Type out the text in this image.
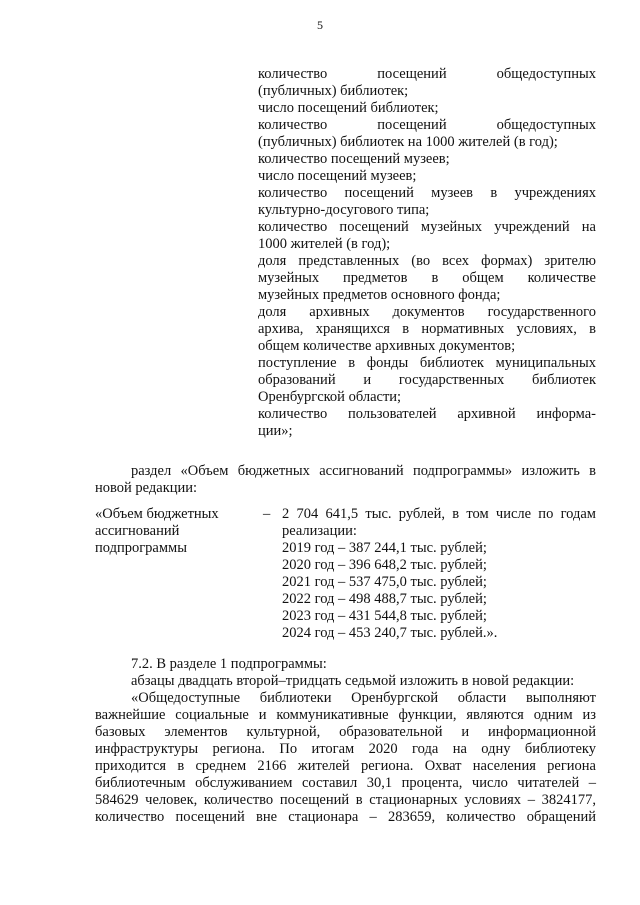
5
количество посещений общедоступных
(публичных) библиотек;
число посещений библиотек;
количество посещений общедоступных
(публичных) библиотек на 1000 жителей (в год);
количество посещений музеев;
число посещений музеев;
количество посещений музеев в учреждениях
культурно-досугового типа;
количество посещений музейных учреждений на
1000 жителей (в год);
доля представленных (во всех формах) зрителю
музейных предметов в общем количестве
музейных предметов основного фонда;
доля архивных документов государственного
архива, хранящихся в нормативных условиях, в
общем количестве архивных документов;
поступление в фонды библиотек муниципальных
образований и государственных библиотек
Оренбургской области;
количество пользователей архивной информа-
ции»;
раздел «Объем бюджетных ассигнований подпрограммы» изложить в
новой редакции:
«Объем бюджетных
ассигнований
подпрограммы
– 2 704 641,5 тыс. рублей, в том числе по годам
реализации:
2019 год – 387 244,1 тыс. рублей;
2020 год – 396 648,2 тыс. рублей;
2021 год – 537 475,0 тыс. рублей;
2022 год – 498 488,7 тыс. рублей;
2023 год – 431 544,8 тыс. рублей;
2024 год – 453 240,7 тыс. рублей.».
7.2. В разделе 1 подпрограммы:
абзацы двадцать второй–тридцать седьмой изложить в новой редакции:
«Общедоступные библиотеки Оренбургской области выполняют
важнейшие социальные и коммуникативные функции, являются одним из
базовых элементов культурной, образовательной и информационной
инфраструктуры региона. По итогам 2020 года на одну библиотеку
приходится в среднем 2166 жителей региона. Охват населения региона
библиотечным обслуживанием составил 30,1 процента, число читателей –
584629 человек, количество посещений в стационарных условиях – 3824177,
количество посещений вне стационара – 283659, количество обращений
